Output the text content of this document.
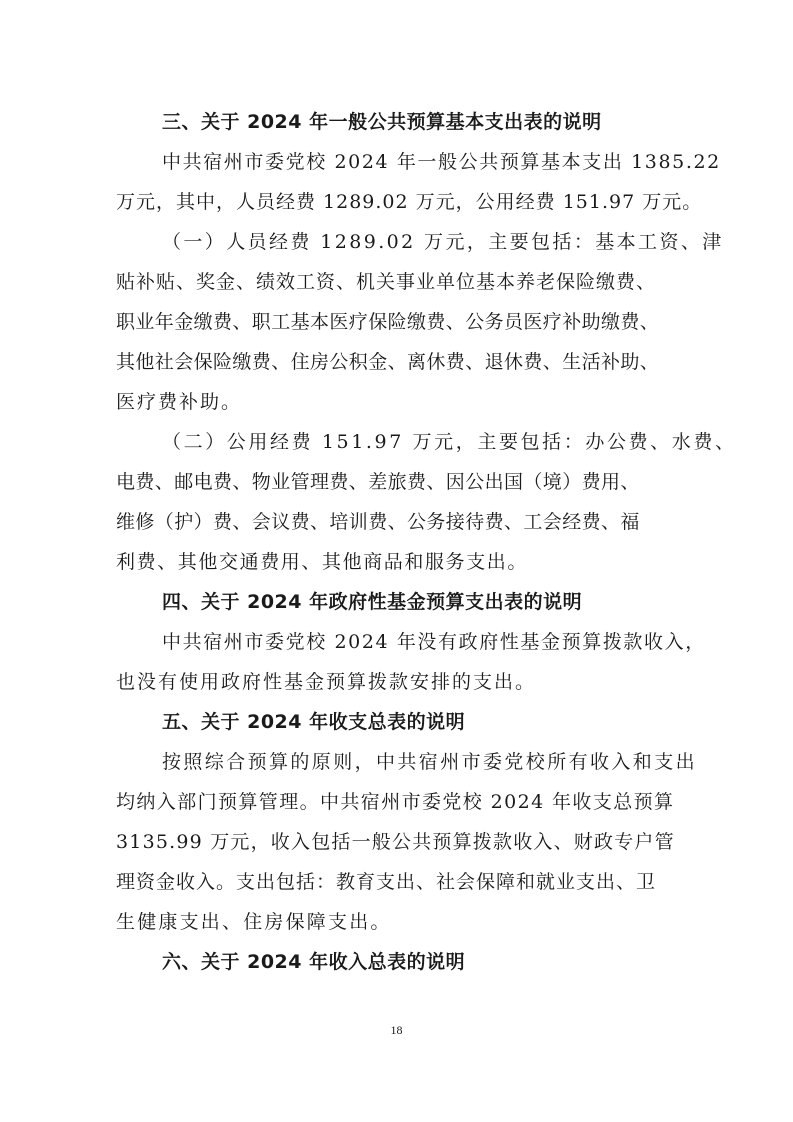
三、关于 2024 年一般公共预算基本支出表的说明
中共宿州市委党校 2024 年一般公共预算基本支出 1385.22
万元，其中，人员经费 1289.02 万元，公用经费 151.97 万元。
（一）人员经费 1289.02 万元，主要包括：基本工资、津
贴补贴、奖金、绩效工资、机关事业单位基本养老保险缴费、
职业年金缴费、职工基本医疗保险缴费、公务员医疗补助缴费、
其他社会保险缴费、住房公积金、离休费、退休费、生活补助、
医疗费补助。
（二）公用经费 151.97 万元，主要包括：办公费、水费、
电费、邮电费、物业管理费、差旅费、因公出国（境）费用、
维修（护）费、会议费、培训费、公务接待费、工会经费、福
利费、其他交通费用、其他商品和服务支出。
四、关于 2024 年政府性基金预算支出表的说明
中共宿州市委党校 2024 年没有政府性基金预算拨款收入，
也没有使用政府性基金预算拨款安排的支出。
五、关于 2024 年收支总表的说明
按照综合预算的原则，中共宿州市委党校所有收入和支出
均纳入部门预算管理。中共宿州市委党校 2024 年收支总预算
3135.99 万元，收入包括一般公共预算拨款收入、财政专户管
理资金收入。支出包括：教育支出、社会保障和就业支出、卫
生健康支出、住房保障支出。
六、关于 2024 年收入总表的说明
18
